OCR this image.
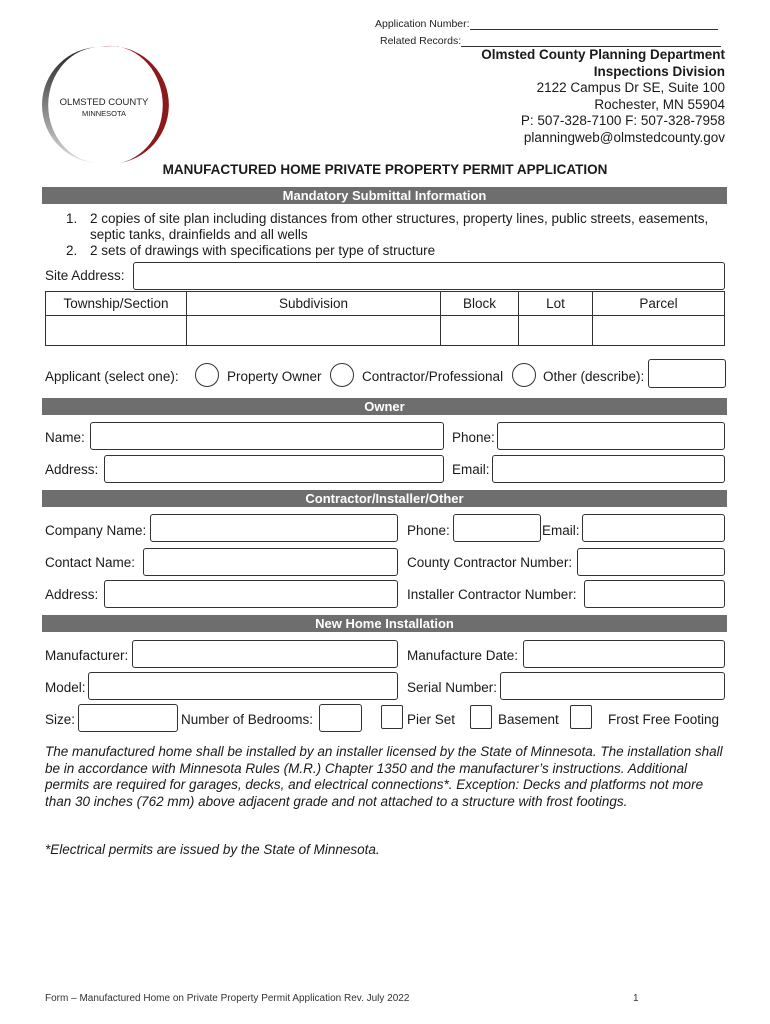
Application Number:
Related Records:
OLMSTED COUNTY
MINNESOTA
Olmsted County Planning Department
Inspections Division
2122 Campus Dr SE, Suite 100
Rochester, MN 55904
P: 507-328-7100 F: 507-328-7958
planningweb@olmstedcounty.gov
MANUFACTURED HOME PRIVATE PROPERTY PERMIT APPLICATION
Mandatory Submittal Information
1. 2 copies of site plan including distances from other structures, property lines, public streets, easements,
septic tanks, drainfields and all wells
2. 2 sets of drawings with specifications per type of structure
Site Address:
Township/Section	Subdivision	Block	Lot	Parcel

Applicant (select one):	Property Owner	Contractor/Professional	Other (describe):
Owner
Name:	Phone:
Address:	Email:
Contractor/Installer/Other
Company Name:	Phone:	Email:
Contact Name:	County Contractor Number:
Address:	Installer Contractor Number:
New Home Installation
Manufacturer:	Manufacture Date:
Model:	Serial Number:
Size:	Number of Bedrooms:	Pier Set	Basement	Frost Free Footing
The manufactured home shall be installed by an installer licensed by the State of Minnesota. The installation shall be in accordance with Minnesota Rules (M.R.) Chapter 1350 and the manufacturer’s instructions. Additional permits are required for garages, decks, and electrical connections*. Exception: Decks and platforms not more than 30 inches (762 mm) above adjacent grade and not attached to a structure with frost footings.
*Electrical permits are issued by the State of Minnesota.
Form – Manufactured Home on Private Property Permit Application Rev. July 2022	1
